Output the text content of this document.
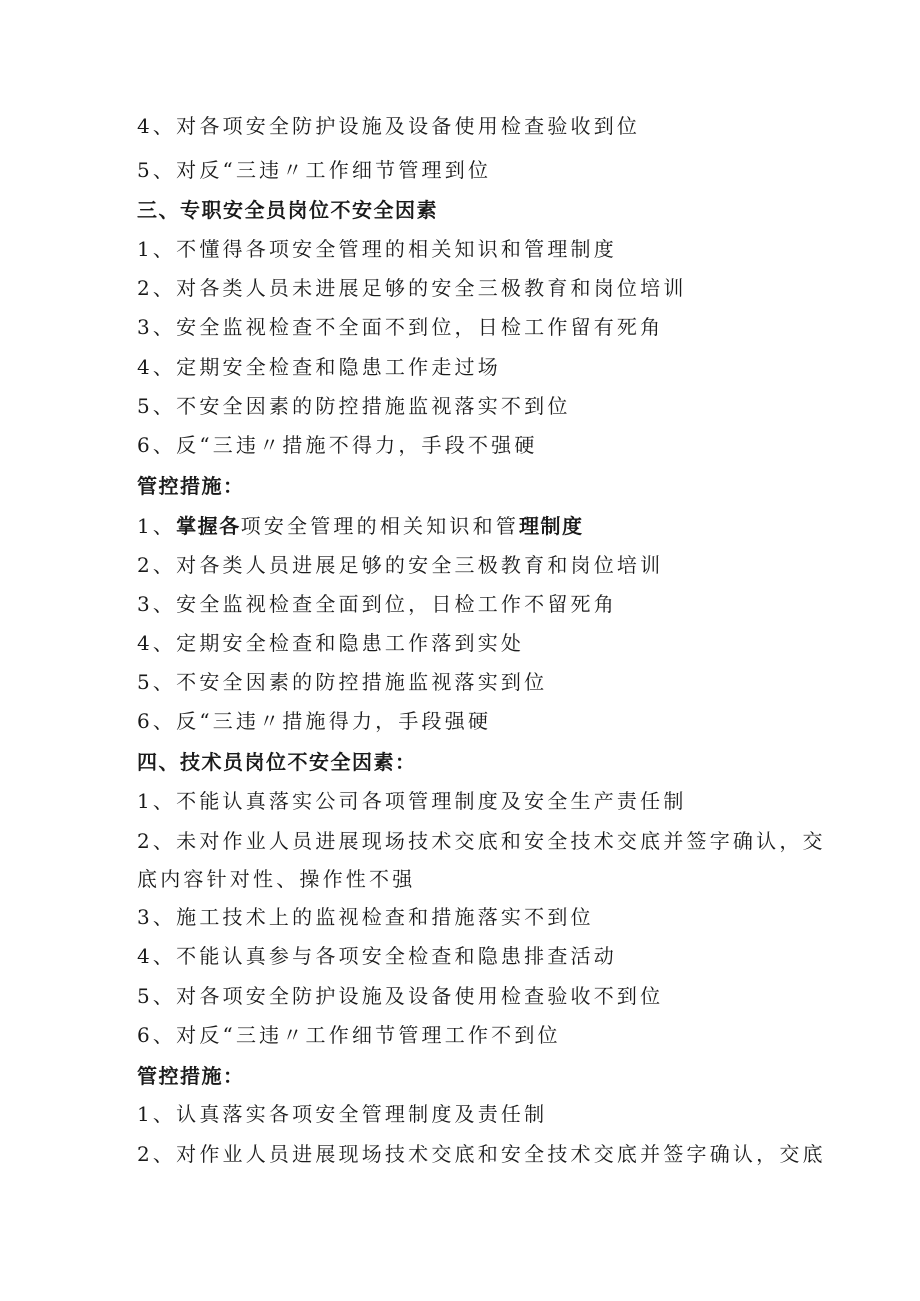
4、对各项安全防护设施及设备使用检查验收到位
5、对反“三违〃工作细节管理到位
三、专职安全员岗位不安全因素
1、不懂得各项安全管理的相关知识和管理制度
2、对各类人员未进展足够的安全三极教育和岗位培训
3、安全监视检查不全面不到位，日检工作留有死角
4、定期安全检查和隐患工作走过场
5、不安全因素的防控措施监视落实不到位
6、反“三违〃措施不得力，手段不强硬
管控措施：
1、掌握各项安全管理的相关知识和管理制度
2、对各类人员进展足够的安全三极教育和岗位培训
3、安全监视检查全面到位，日检工作不留死角
4、定期安全检查和隐患工作落到实处
5、不安全因素的防控措施监视落实到位
6、反“三违〃措施得力，手段强硬
四、技术员岗位不安全因素：
1、不能认真落实公司各项管理制度及安全生产责任制
2、未对作业人员进展现场技术交底和安全技术交底并签字确认，交
底内容针对性、操作性不强
3、施工技术上的监视检查和措施落实不到位
4、不能认真参与各项安全检查和隐患排查活动
5、对各项安全防护设施及设备使用检查验收不到位
6、对反“三违〃工作细节管理工作不到位
管控措施：
1、认真落实各项安全管理制度及责任制
2、对作业人员进展现场技术交底和安全技术交底并签字确认，交底
